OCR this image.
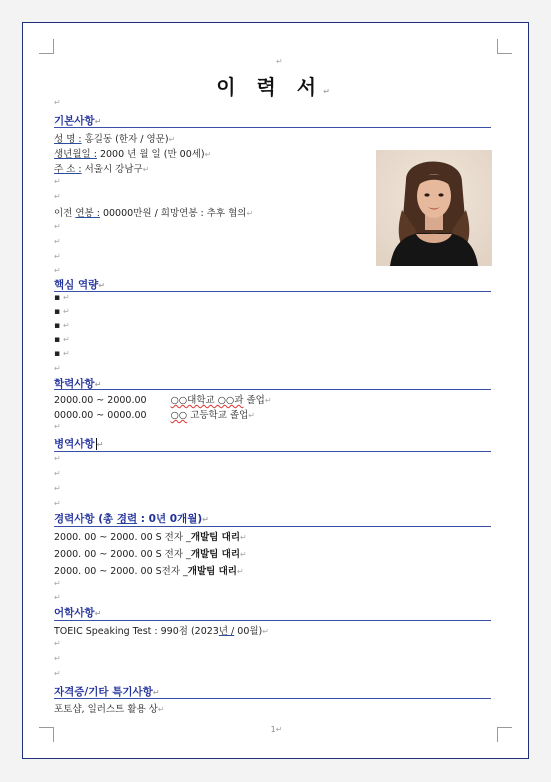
↵
이 력 서↵
↵
기본사항↵
성 명 : 홍길동 (한자 / 영문)↵
생년월일 : 2000 년 월 일 (만 00세)↵
주 소 : 서울시 강남구↵
↵
↵
이전 연봉 : 00000만원 / 희망연봉 : 추후 협의↵
↵
↵
↵
↵
핵심 역량↵
▪ ↵
▪ ↵
▪ ↵
▪ ↵
▪ ↵
↵
학력사항↵
2000.00 ~ 2000.00	○○대학교 ○○과 졸업↵
0000.00 ~ 0000.00	○○ 고등학교 졸업↵
↵
병역사항 ↵
↵
↵
↵
↵
경력사항 (총 경력 : 0년 0개월)↵
2000. 00 ~ 2000. 00 S 전자 _개발팀 대리↵
2000. 00 ~ 2000. 00 S 전자 _개발팀 대리↵
2000. 00 ~ 2000. 00 S전자 _개발팀 대리↵
↵
↵
어학사항↵
TOEIC Speaking Test : 990점 (2023년 / 00월)↵
↵
↵
↵
자격증/기타 특기사항↵
포토샵, 일러스트 활용 상↵
1↵
